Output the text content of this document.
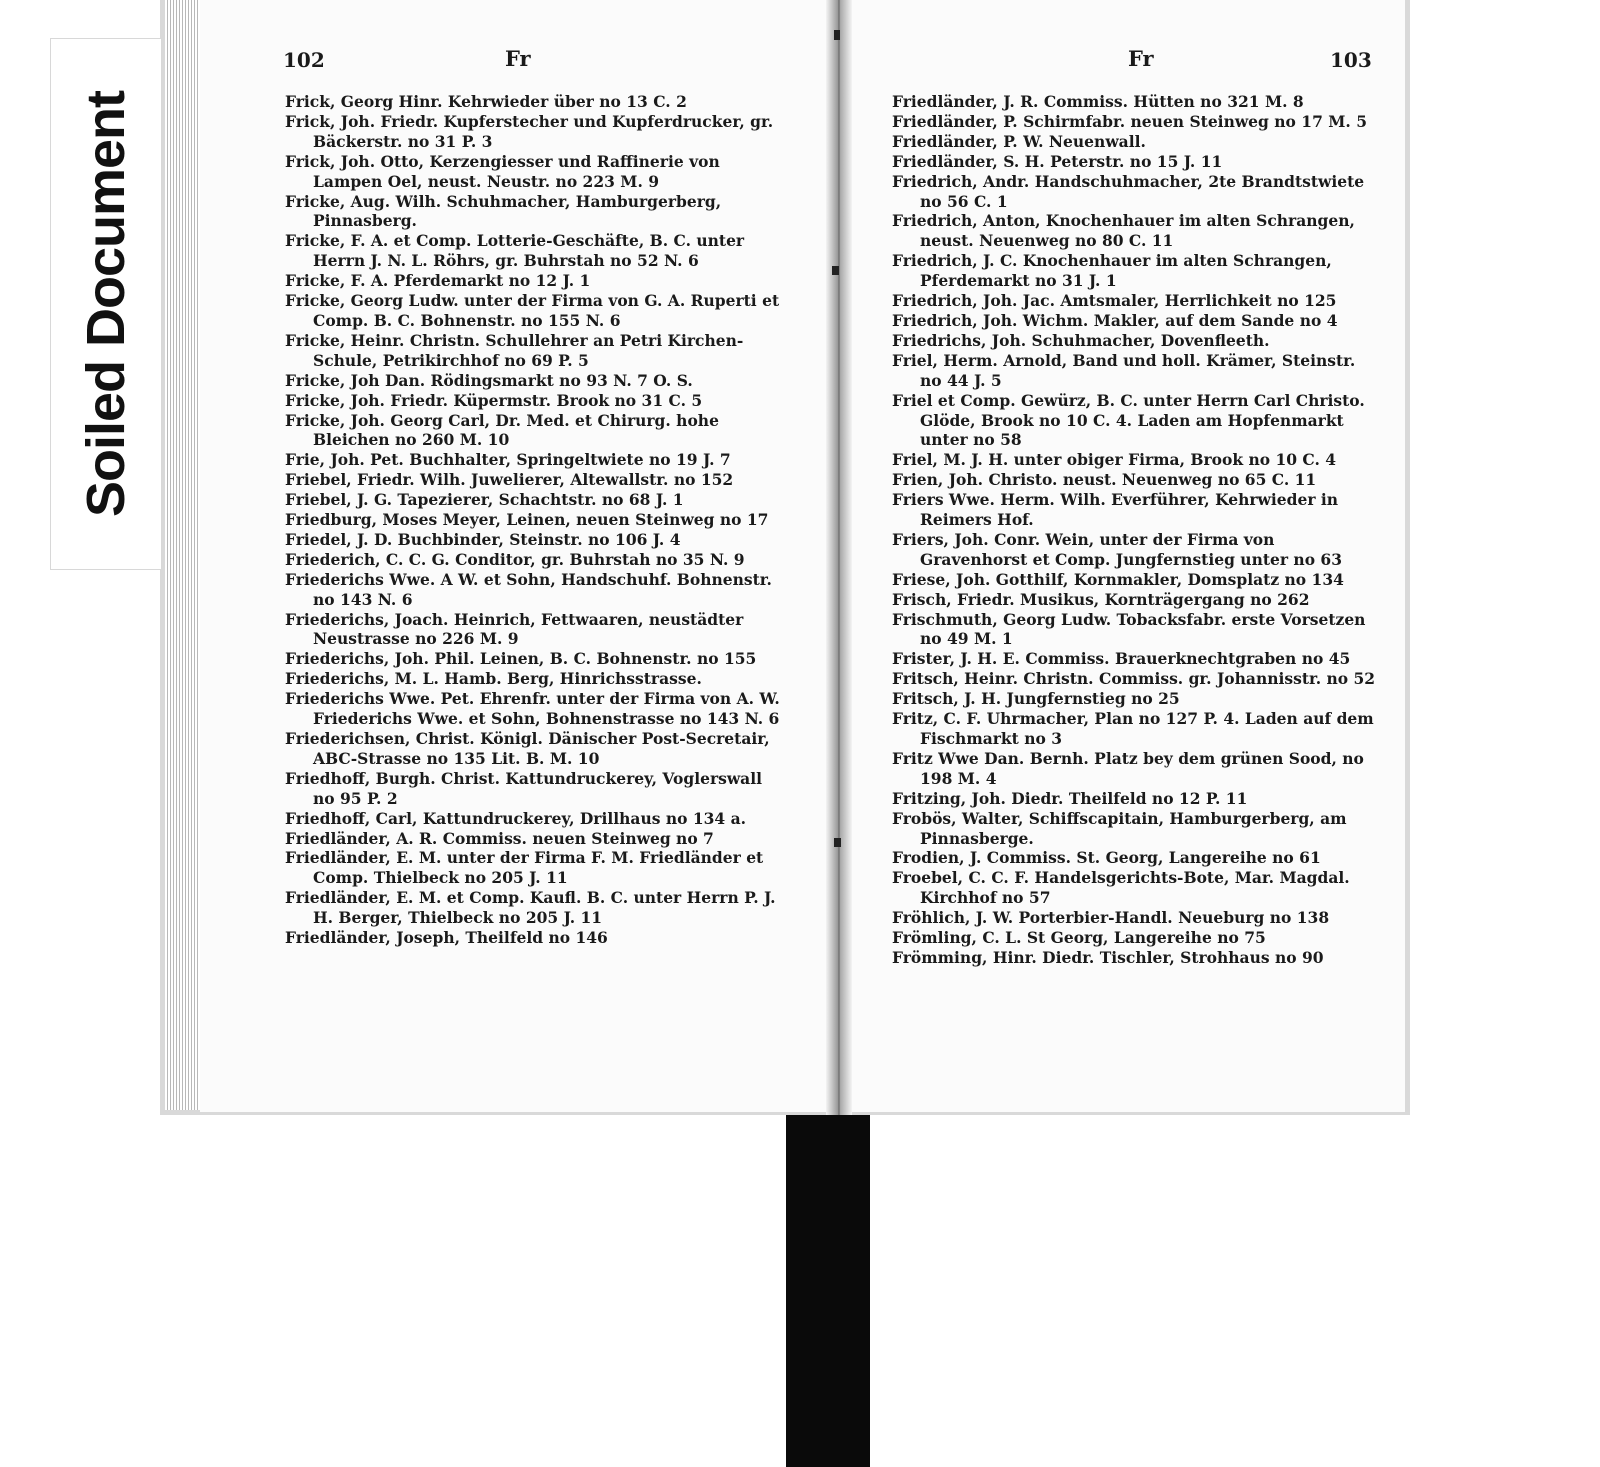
102	Fr
Frick, Georg Hinr. Kehrwieder über no 13 C. 2
Frick, Joh. Friedr. Kupferstecher und Kupferdrucker, gr. Bäckerstr. no 31 P. 3
Frick, Joh. Otto, Kerzengiesser und Raffinerie von Lampen Oel, neust. Neustr. no 223 M. 9
Fricke, Aug. Wilh. Schuhmacher, Hamburgerberg, Pinnasberg.
Fricke, F. A. et Comp. Lotterie-Geschäfte, B. C. unter Herrn J. N. L. Röhrs, gr. Buhrstah no 52 N. 6
Fricke, F. A. Pferdemarkt no 12 J. 1
Fricke, Georg Ludw. unter der Firma von G. A. Ruperti et Comp. B. C. Bohnenstr. no 155 N. 6
Fricke, Heinr. Christn. Schullehrer an Petri Kirchen-Schule, Petrikirchhof no 69 P. 5
Fricke, Joh Dan. Rödingsmarkt no 93 N. 7 O. S.
Fricke, Joh. Friedr. Küpermstr. Brook no 31 C. 5
Fricke, Joh. Georg Carl, Dr. Med. et Chirurg. hohe Bleichen no 260 M. 10
Frie, Joh. Pet. Buchhalter, Springeltwiete no 19 J. 7
Friebel, Friedr. Wilh. Juwelierer, Altewallstr. no 152
Friebel, J. G. Tapezierer, Schachtstr. no 68 J. 1
Friedburg, Moses Meyer, Leinen, neuen Steinweg no 17
Friedel, J. D. Buchbinder, Steinstr. no 106 J. 4
Friederich, C. C. G. Conditor, gr. Buhrstah no 35 N. 9
Friederichs Wwe. A W. et Sohn, Handschuhf. Bohnenstr. no 143 N. 6
Friederichs, Joach. Heinrich, Fettwaaren, neustädter Neustrasse no 226 M. 9
Friederichs, Joh. Phil. Leinen, B. C. Bohnenstr. no 155
Friederichs, M. L. Hamb. Berg, Hinrichsstrasse.
Friederichs Wwe. Pet. Ehrenfr. unter der Firma von A. W. Friederichs Wwe. et Sohn, Bohnenstrasse no 143 N. 6
Friederichsen, Christ. Königl. Dänischer Post-Secretair, ABC-Strasse no 135 Lit. B. M. 10
Friedhoff, Burgh. Christ. Kattundruckerey, Voglerswall no 95 P. 2
Friedhoff, Carl, Kattundruckerey, Drillhaus no 134 a.
Friedländer, A. R. Commiss. neuen Steinweg no 7
Friedländer, E. M. unter der Firma F. M. Friedländer et Comp. Thielbeck no 205 J. 11
Friedländer, E. M. et Comp. Kaufl. B. C. unter Herrn P. J. H. Berger, Thielbeck no 205 J. 11
Friedländer, Joseph, Theilfeld no 146
Fr	103
Friedländer, J. R. Commiss. Hütten no 321 M. 8
Friedländer, P. Schirmfabr. neuen Steinweg no 17 M. 5
Friedländer, P. W. Neuenwall.
Friedländer, S. H. Peterstr. no 15 J. 11
Friedrich, Andr. Handschuhmacher, 2te Brandtstwiete no 56 C. 1
Friedrich, Anton, Knochenhauer im alten Schrangen, neust. Neuenweg no 80 C. 11
Friedrich, J. C. Knochenhauer im alten Schrangen, Pferdemarkt no 31 J. 1
Friedrich, Joh. Jac. Amtsmaler, Herrlichkeit no 125
Friedrich, Joh. Wichm. Makler, auf dem Sande no 4
Friedrichs, Joh. Schuhmacher, Dovenfleeth.
Friel, Herm. Arnold, Band und holl. Krämer, Steinstr. no 44 J. 5
Friel et Comp. Gewürz, B. C. unter Herrn Carl Christo. Glöde, Brook no 10 C. 4. Laden am Hopfenmarkt unter no 58
Friel, M. J. H. unter obiger Firma, Brook no 10 C. 4
Frien, Joh. Christo. neust. Neuenweg no 65 C. 11
Friers Wwe. Herm. Wilh. Everführer, Kehrwieder in Reimers Hof.
Friers, Joh. Conr. Wein, unter der Firma von Gravenhorst et Comp. Jungfernstieg unter no 63
Friese, Joh. Gotthilf, Kornmakler, Domsplatz no 134
Frisch, Friedr. Musikus, Kornträgergang no 262
Frischmuth, Georg Ludw. Tobacksfabr. erste Vorsetzen no 49 M. 1
Frister, J. H. E. Commiss. Brauerknechtgraben no 45
Fritsch, Heinr. Christn. Commiss. gr. Johannisstr. no 52
Fritsch, J. H. Jungfernstieg no 25
Fritz, C. F. Uhrmacher, Plan no 127 P. 4. Laden auf dem Fischmarkt no 3
Fritz Wwe Dan. Bernh. Platz bey dem grünen Sood, no 198 M. 4
Fritzing, Joh. Diedr. Theilfeld no 12 P. 11
Frobös, Walter, Schiffscapitain, Hamburgerberg, am Pinnasberge.
Frodien, J. Commiss. St. Georg, Langereihe no 61
Froebel, C. C. F. Handelsgerichts-Bote, Mar. Magdal. Kirchhof no 57
Fröhlich, J. W. Porterbier-Handl. Neueburg no 138
Frömling, C. L. St Georg, Langereihe no 75
Frömming, Hinr. Diedr. Tischler, Strohhaus no 90
Soiled Document
